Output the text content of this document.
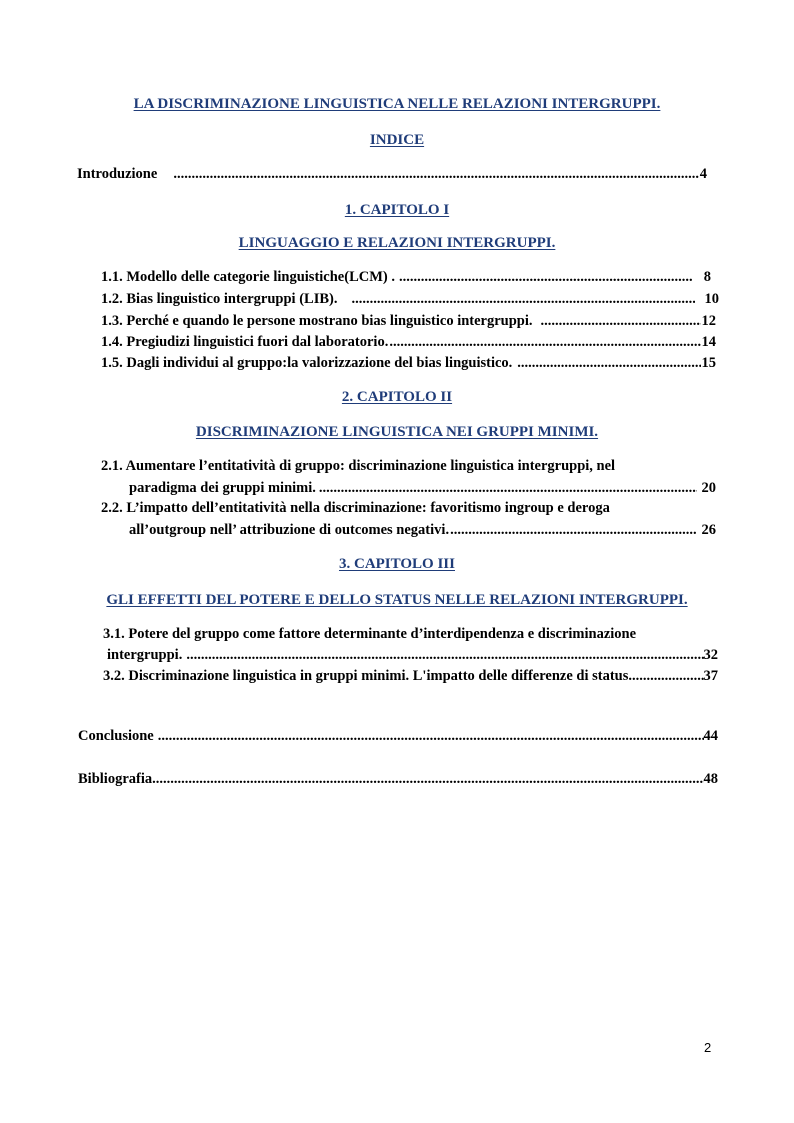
LA DISCRIMINAZIONE LINGUISTICA NELLE RELAZIONI INTERGRUPPI.
INDICE
Introduzione .....	4
1. CAPITOLO I
LINGUAGGIO E RELAZIONI INTERGRUPPI.
1.1. Modello delle categorie linguistiche(LCM) . .....	8
1.2. Bias linguistico intergruppi (LIB). .....	10
1.3. Perché e quando le persone mostrano bias linguistico intergruppi. .....	12
1.4. Pregiudizi linguistici fuori dal laboratorio. .....	14
1.5. Dagli individui al gruppo:la valorizzazione del bias linguistico. .....	15
2. CAPITOLO II
DISCRIMINAZIONE LINGUISTICA NEI GRUPPI MINIMI.
2.1. Aumentare l’entitatività di gruppo: discriminazione linguistica intergruppi, nel
paradigma dei gruppi minimi. .....	20
2.2. L’impatto dell’entitatività nella discriminazione: favoritismo ingroup e deroga
all’outgroup nell’ attribuzione di outcomes negativi. .....	26
3. CAPITOLO III
GLI EFFETTI DEL POTERE E DELLO STATUS NELLE RELAZIONI INTERGRUPPI.
3.1. Potere del gruppo come fattore determinante d’interdipendenza e discriminazione
intergruppi. .....	32
3.2. Discriminazione linguistica in gruppi minimi. L'impatto delle differenze di status .....	37
Conclusione .....	44
Bibliografia .....	48
2
